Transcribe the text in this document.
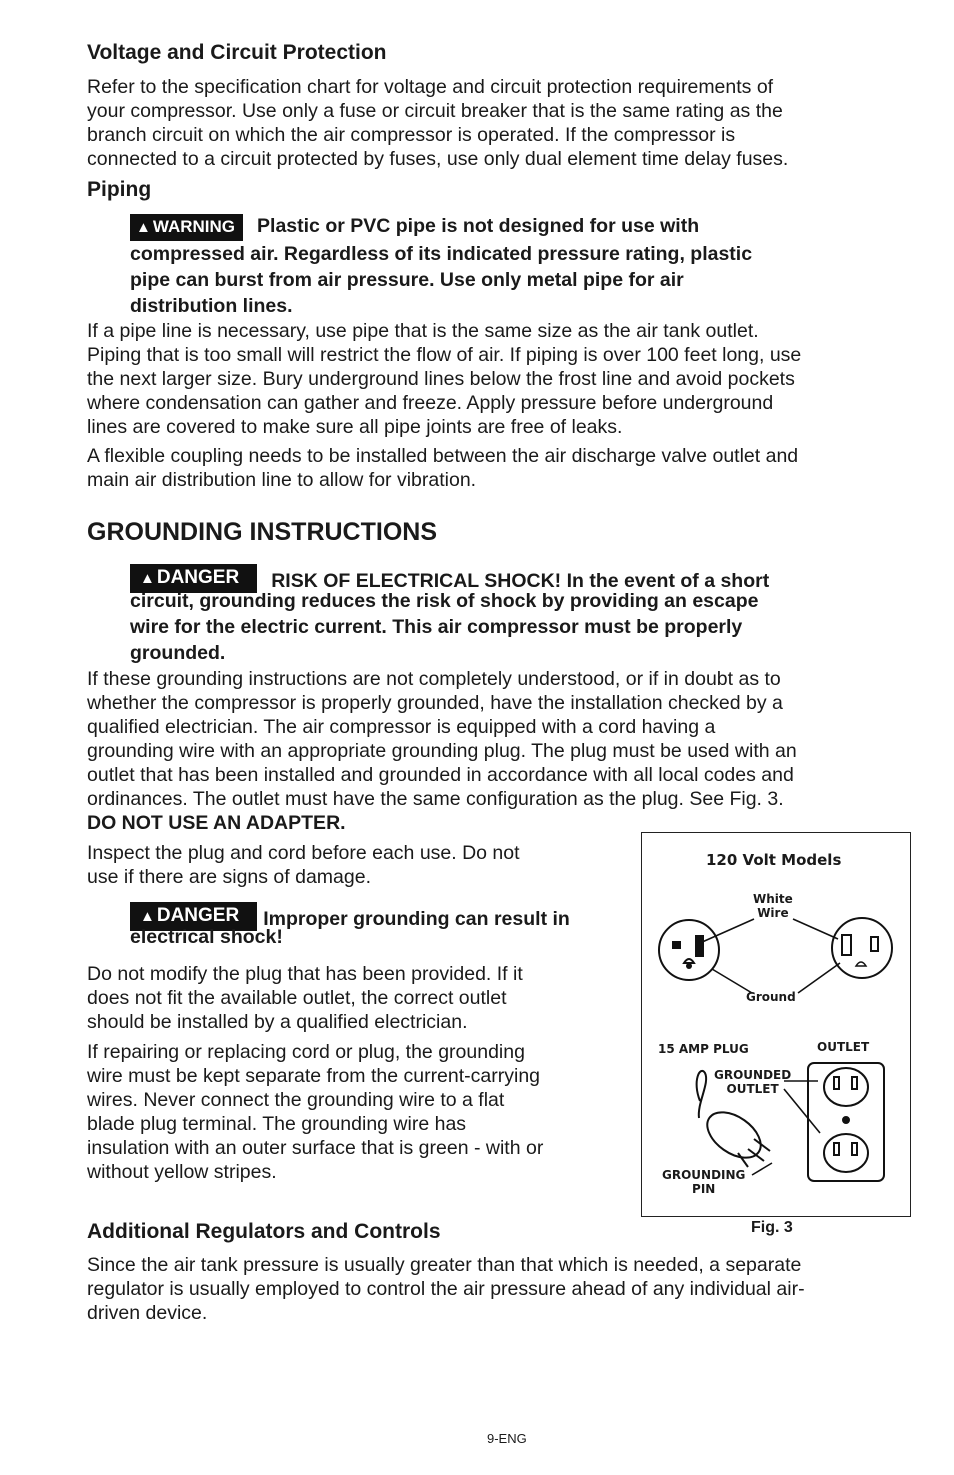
Voltage and Circuit Protection
Refer to the specification chart for voltage and circuit protection requirements of
your compressor. Use only a fuse or circuit breaker that is the same rating as the
branch circuit on which the air compressor is operated. If the compressor is
connected to a circuit protected by fuses, use only dual element time delay fuses.
Piping
▲ WARNING Plastic or PVC pipe is not designed for use with
compressed air. Regardless of its indicated pressure rating, plastic
pipe can burst from air pressure. Use only metal pipe for air
distribution lines.
If a pipe line is necessary, use pipe that is the same size as the air tank outlet.
Piping that is too small will restrict the flow of air. If piping is over 100 feet long, use
the next larger size. Bury underground lines below the frost line and avoid pockets
where condensation can gather and freeze. Apply pressure before underground
lines are covered to make sure all pipe joints are free of leaks.
A flexible coupling needs to be installed between the air discharge valve outlet and
main air distribution line to allow for vibration.
GROUNDING INSTRUCTIONS
▲ DANGER RISK OF ELECTRICAL SHOCK! In the event of a short
circuit, grounding reduces the risk of shock by providing an escape
wire for the electric current. This air compressor must be properly
grounded.
If these grounding instructions are not completely understood, or if in doubt as to
whether the compressor is properly grounded, have the installation checked by a
qualified electrician. The air compressor is equipped with a cord having a
grounding wire with an appropriate grounding plug. The plug must be used with an
outlet that has been installed and grounded in accordance with all local codes and
ordinances. The outlet must have the same configuration as the plug. See Fig. 3.
DO NOT USE AN ADAPTER.
Inspect the plug and cord before each use. Do not
use if there are signs of damage.
▲ DANGER Improper grounding can result in
electrical shock!
Do not modify the plug that has been provided. If it
does not fit the available outlet, the correct outlet
should be installed by a qualified electrician.
If repairing or replacing cord or plug, the grounding
wire must be kept separate from the current-carrying
wires. Never connect the grounding wire to a flat
blade plug terminal. The grounding wire has
insulation with an outer surface that is green - with or
without yellow stripes.
120 Volt Models
White
Wire
Ground
15 AMP PLUG	OUTLET
GROUNDED
OUTLET
GROUNDING
PIN
Fig. 3
Additional Regulators and Controls
Since the air tank pressure is usually greater than that which is needed, a separate
regulator is usually employed to control the air pressure ahead of any individual air-
driven device.
9-ENG
